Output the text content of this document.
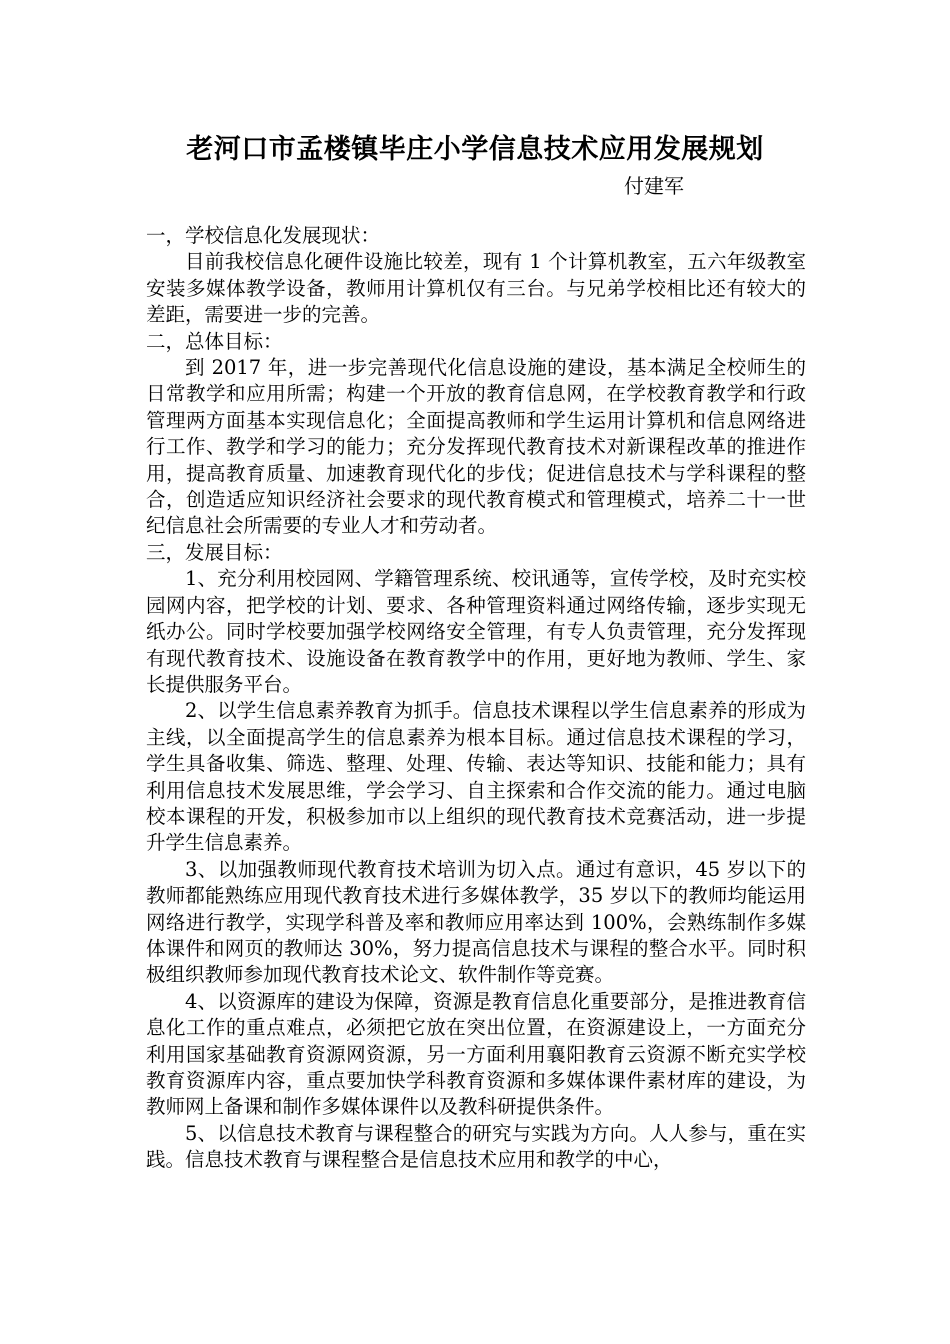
老河口市孟楼镇毕庄小学信息技术应用发展规划
付建军

一，学校信息化发展现状：

目前我校信息化硬件设施比较差，现有 1 个计算机教室，五六年级教室安装多媒体教学设备，教师用计算机仅有三台。与兄弟学校相比还有较大的差距，需要进一步的完善。

二，总体目标：

到 2017 年，进一步完善现代化信息设施的建设，基本满足全校师生的日常教学和应用所需；构建一个开放的教育信息网，在学校教育教学和行政管理两方面基本实现信息化；全面提高教师和学生运用计算机和信息网络进行工作、教学和学习的能力；充分发挥现代教育技术对新课程改革的推进作用，提高教育质量、加速教育现代化的步伐；促进信息技术与学科课程的整合，创造适应知识经济社会要求的现代教育模式和管理模式，培养二十一世纪信息社会所需要的专业人才和劳动者。

三，发展目标：

1、充分利用校园网、学籍管理系统、校讯通等，宣传学校，及时充实校园网内容，把学校的计划、要求、各种管理资料通过网络传输，逐步实现无纸办公。同时学校要加强学校网络安全管理，有专人负责管理，充分发挥现有现代教育技术、设施设备在教育教学中的作用，更好地为教师、学生、家长提供服务平台。

2、以学生信息素养教育为抓手。信息技术课程以学生信息素养的形成为主线，以全面提高学生的信息素养为根本目标。通过信息技术课程的学习，学生具备收集、筛选、整理、处理、传输、表达等知识、技能和能力；具有利用信息技术发展思维，学会学习、自主探索和合作交流的能力。通过电脑校本课程的开发，积极参加市以上组织的现代教育技术竞赛活动，进一步提升学生信息素养。

3、以加强教师现代教育技术培训为切入点。通过有意识，45 岁以下的教师都能熟练应用现代教育技术进行多媒体教学，35 岁以下的教师均能运用网络进行教学，实现学科普及率和教师应用率达到 100%，会熟练制作多媒体课件和网页的教师达 30%，努力提高信息技术与课程的整合水平。同时积极组织教师参加现代教育技术论文、软件制作等竞赛。

4、以资源库的建设为保障，资源是教育信息化重要部分，是推进教育信息化工作的重点难点，必须把它放在突出位置，在资源建设上，一方面充分利用国家基础教育资源网资源，另一方面利用襄阳教育云资源不断充实学校教育资源库内容，重点要加快学科教育资源和多媒体课件素材库的建设，为教师网上备课和制作多媒体课件以及教科研提供条件。

5、以信息技术教育与课程整合的研究与实践为方向。人人参与，重在实践。信息技术教育与课程整合是信息技术应用和教学的中心，
